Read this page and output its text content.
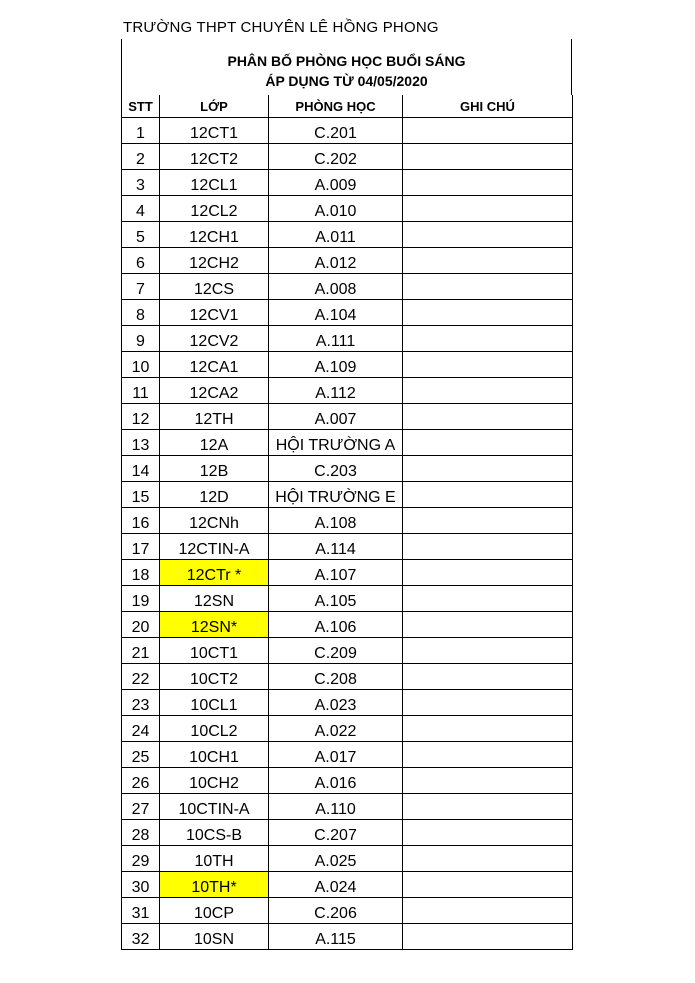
TRƯỜNG THPT CHUYÊN LÊ HỒNG PHONG
PHÂN BỐ PHÒNG HỌC BUỔI SÁNG
ÁP DỤNG TỪ 04/05/2020
STT	LỚP	PHÒNG HỌC	GHI CHÚ
1	12CT1	C.201	
2	12CT2	C.202	
3	12CL1	A.009	
4	12CL2	A.010	
5	12CH1	A.011	
6	12CH2	A.012	
7	12CS	A.008	
8	12CV1	A.104	
9	12CV2	A.111	
10	12CA1	A.109	
11	12CA2	A.112	
12	12TH	A.007	
13	12A	HỘI TRƯỜNG A	
14	12B	C.203	
15	12D	HỘI TRƯỜNG E	
16	12CNh	A.108	
17	12CTIN-A	A.114	
18	12CTr *	A.107	
19	12SN	A.105	
20	12SN*	A.106	
21	10CT1	C.209	
22	10CT2	C.208	
23	10CL1	A.023	
24	10CL2	A.022	
25	10CH1	A.017	
26	10CH2	A.016	
27	10CTIN-A	A.110	
28	10CS-B	C.207	
29	10TH	A.025	
30	10TH*	A.024	
31	10CP	C.206	
32	10SN	A.115	
